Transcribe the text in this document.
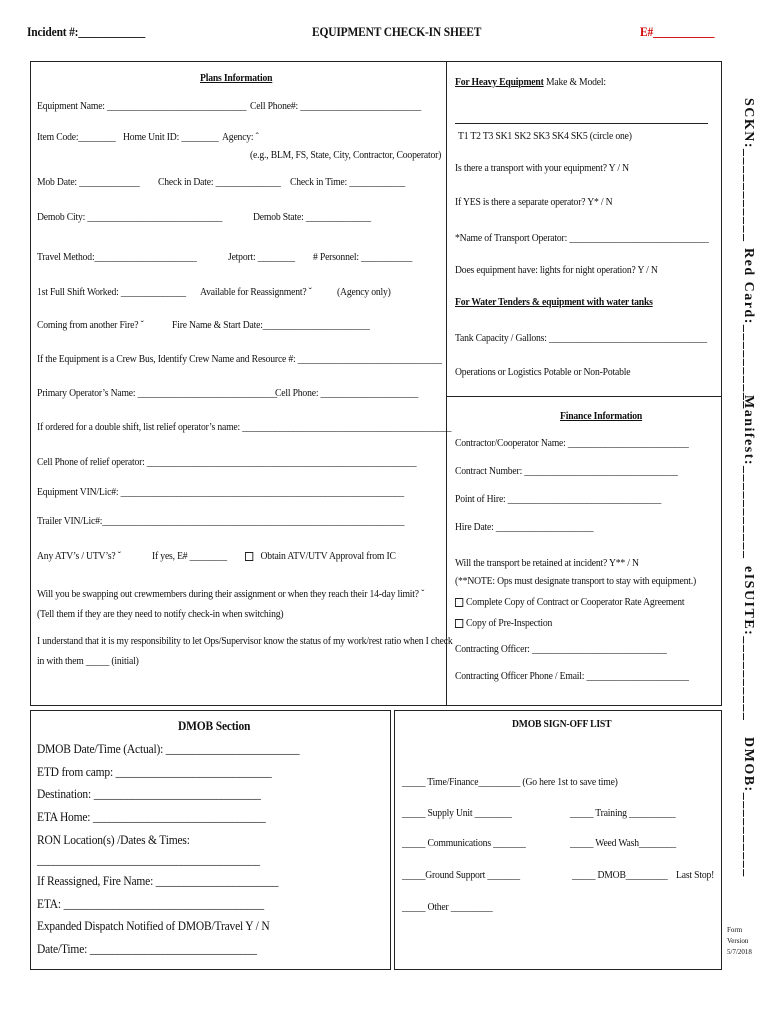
Incident #:____________	EQUIPMENT CHECK-IN SHEET	E#___________
Plans Information
Equipment Name: ______________________________ Cell Phone#: __________________________
Item Code:________ Home Unit ID: ________ Agency: ˆ
(e.g., BLM, FS, State, City, Contractor, Cooperator)
Mob Date: _____________ Check in Date: ______________ Check in Time: ____________
Demob City: _____________________________	Demob State: ______________
Travel Method:______________________	Jetport: ________ # Personnel: ___________
1st Full Shift Worked: ______________ Available for Reassignment? ˇ (Agency only)
Coming from another Fire? ˇ	Fire Name & Start Date:_______________________
If the Equipment is a Crew Bus, Identify Crew Name and Resource #: _______________________________
Primary Operator’s Name: ______________________________
Cell Phone: _____________________
If ordered for a double shift, list relief operator’s name: _____________________________________________
Cell Phone of relief operator: __________________________________________________________
Equipment VIN/Lic#: _____________________________________________________________
Trailer VIN/Lic#:_________________________________________________________________
Any ATV’s / UTV’s? ˇ	If yes, E# ________	Obtain ATV/UTV Approval from IC
Will you be swapping out crewmembers during their assignment or when they reach their 14-day limit? ˇ
(Tell them if they are they need to notify check-in when switching)
I understand that it is my responsibility to let Ops/Supervisor know the status of my work/rest ratio when I check
in with them _____ (initial)
For Heavy Equipment Make & Model:
T1 T2 T3 SK1 SK2 SK3 SK4 SK5 (circle one)
Is there a transport with your equipment? Y / N
If YES is there a separate operator? Y* / N
*Name of Transport Operator: ______________________________
Does equipment have: lights for night operation? Y / N
For Water Tenders & equipment with water tanks
Tank Capacity / Gallons: __________________________________
Operations or Logistics Potable or Non-Potable
Finance Information
Contractor/Cooperator Name: __________________________
Contract Number: _________________________________
Point of Hire: _________________________________
Hire Date: _____________________
Will the transport be retained at incident? Y** / N
(**NOTE: Ops must designate transport to stay with equipment.)
Complete Copy of Contract or Cooperator Rate Agreement
Copy of Pre-Inspection
Contracting Officer: _____________________________
Contracting Officer Phone / Email: ______________________
DMOB Section
DMOB Date/Time (Actual): ________________________
ETD from camp: ____________________________
Destination: ______________________________
ETA Home: _______________________________
RON Location(s) /Dates & Times:
________________________________________
If Reassigned, Fire Name: ______________________
ETA: ____________________________________
Expanded Dispatch Notified of DMOB/Travel Y / N
Date/Time: ______________________________
DMOB SIGN-OFF LIST
_____ Time/Finance_________ (Go here 1st to save time)
_____ Supply Unit ________	_____ Training __________
_____ Communications _______	_____ Weed Wash________
_____Ground Support _______	_____ DMOB_________ Last Stop!
_____ Other _________
SCKN:___________
Red Card:__________
Manifest:___________
eISUITE:__________
DMOB:__________
Form
Version
5/7/2018
